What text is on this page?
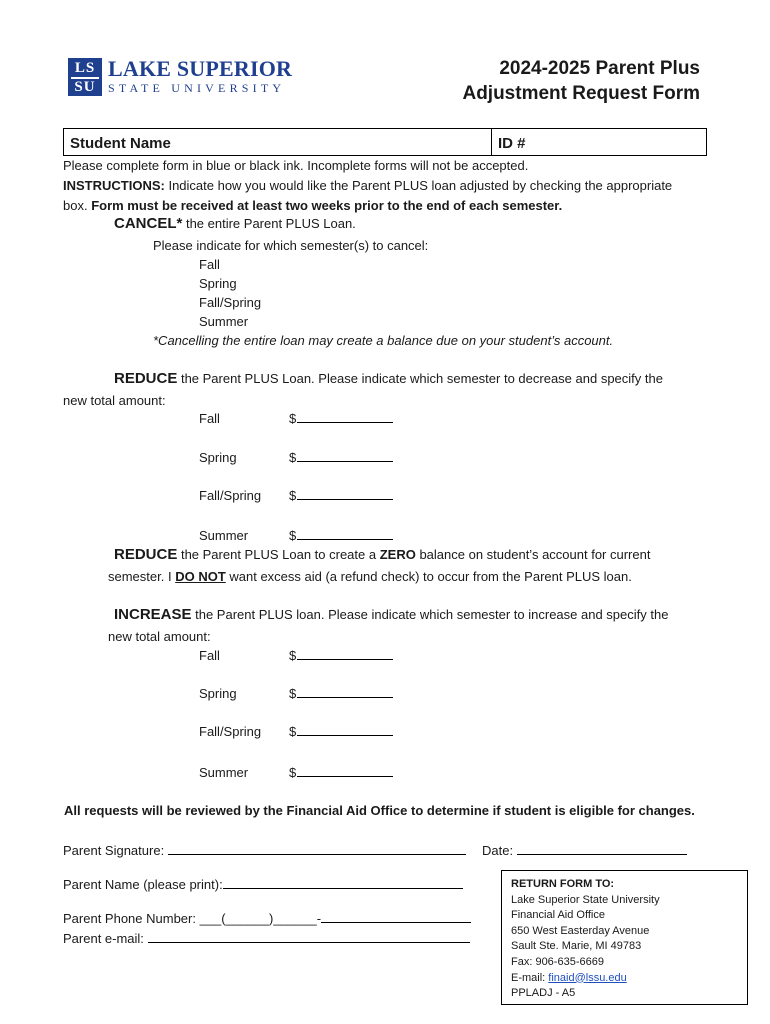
LS
SU
LAKE SUPERIOR
STATE UNIVERSITY
2024-2025 Parent Plus
Adjustment Request Form
Student Name	ID #
Please complete form in blue or black ink. Incomplete forms will not be accepted.
INSTRUCTIONS: Indicate how you would like the Parent PLUS loan adjusted by checking the appropriate
box. Form must be received at least two weeks prior to the end of each semester.
CANCEL* the entire Parent PLUS Loan.
Please indicate for which semester(s) to cancel:
Fall
Spring
Fall/Spring
Summer
*Cancelling the entire loan may create a balance due on your student’s account.
REDUCE the Parent PLUS Loan. Please indicate which semester to decrease and specify the
new total amount:
Fall	$
Spring	$
Fall/Spring $
Summer	$
REDUCE the Parent PLUS Loan to create a ZERO balance on student’s account for current
semester. I DO NOT want excess aid (a refund check) to occur from the Parent PLUS loan.
INCREASE the Parent PLUS loan. Please indicate which semester to increase and specify the
new total amount:
Fall	$
Spring	$
Fall/Spring $
Summer	$
All requests will be reviewed by the Financial Aid Office to determine if student is eligible for changes.
Parent Signature:	Date:
Parent Name (please print):
Parent Phone Number: ___(______)______-
Parent e-mail:
RETURN FORM TO:
Lake Superior State University
Financial Aid Office
650 West Easterday Avenue
Sault Ste. Marie, MI 49783
Fax: 906-635-6669
E-mail: finaid@lssu.edu
PPLADJ - A5
